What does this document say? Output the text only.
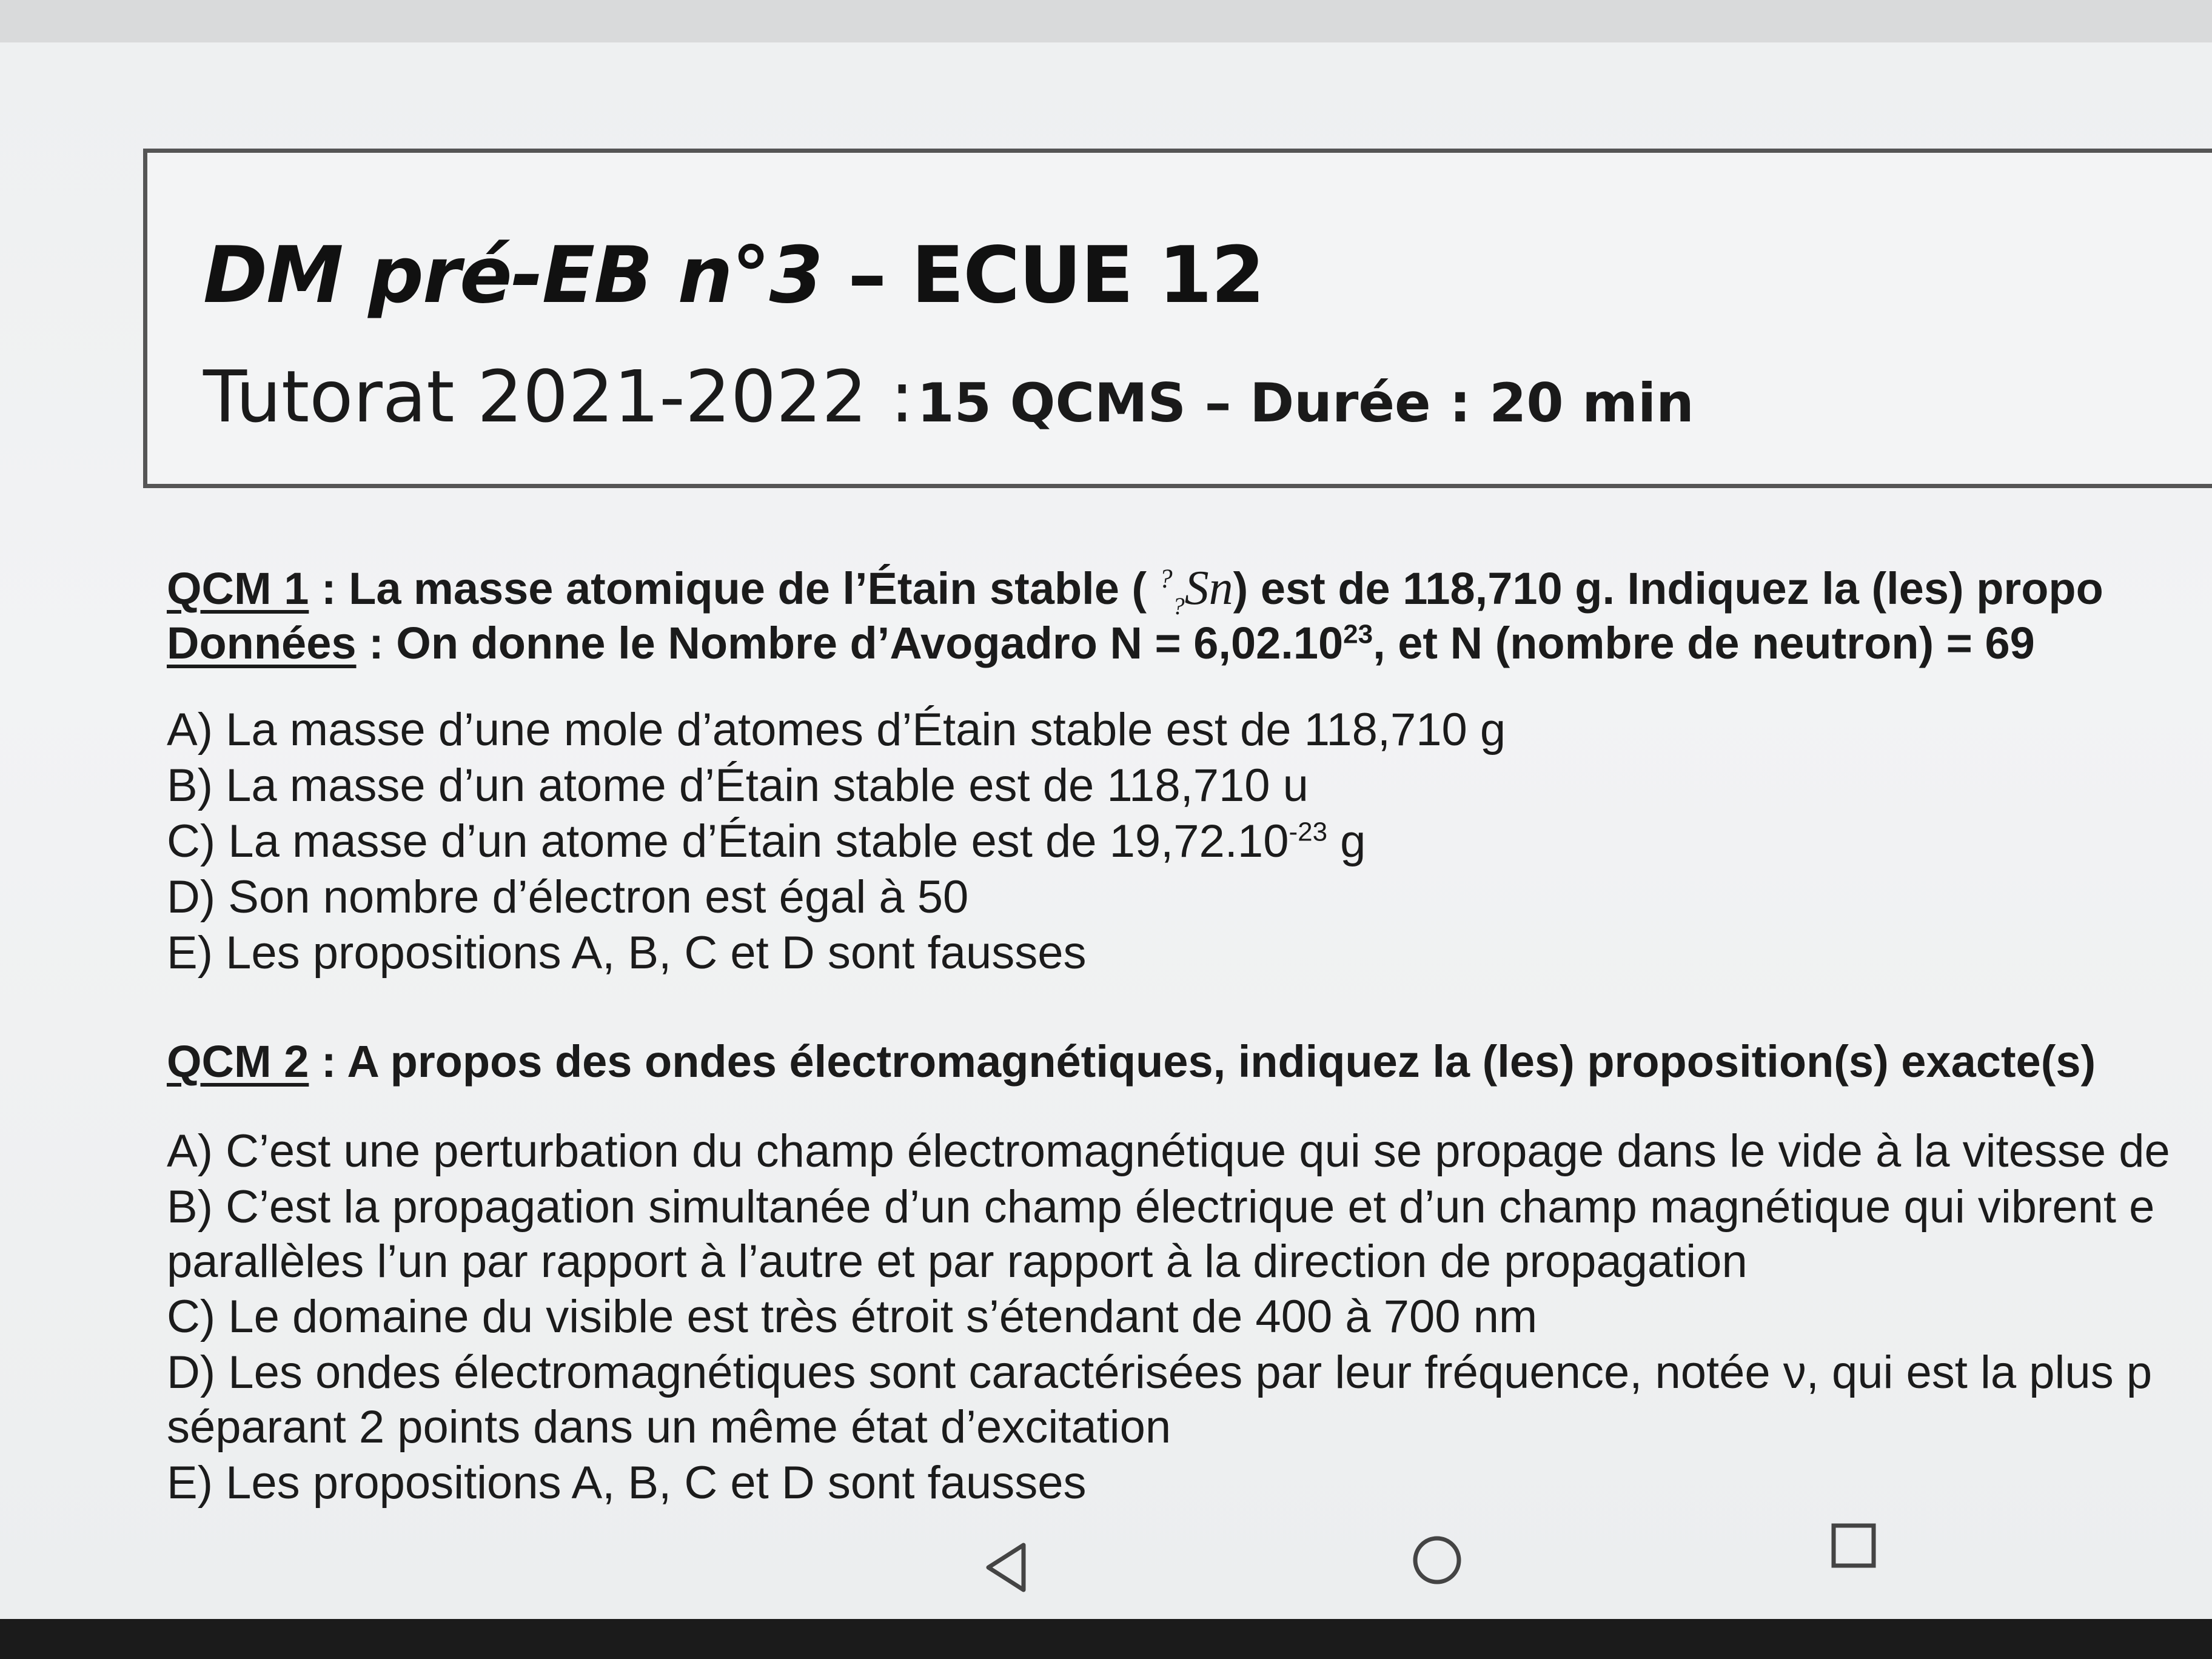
DM pré-EB n°3 – ECUE 12
Tutorat 2021-2022 : 15 QCMS – Durée : 20 min
QCM 1 : La masse atomique de l’Étain stable ( ?$_?$Sn) est de 118,710 g. Indiquez la (les) propo
Données : On donne le Nombre d’Avogadro $N = 6,02.10^{23}$, et N (nombre de neutron) = 69
A) La masse d’une mole d’atomes d’Étain stable est de 118,710 g
B) La masse d’un atome d’Étain stable est de 118,710 u
C) La masse d’un atome d’Étain stable est de $19,72.10^{-23}$ g
D) Son nombre d’électron est égal à 50
E) Les propositions A, B, C et D sont fausses
QCM 2 : A propos des ondes électromagnétiques, indiquez la (les) proposition(s) exacte(s)
A) C’est une perturbation du champ électromagnétique qui se propage dans le vide à la vitesse de
B) C’est la propagation simultanée d’un champ électrique et d’un champ magnétique qui vibrent e
parallèles l’un par rapport à l’autre et par rapport à la direction de propagation
C) Le domaine du visible est très étroit s’étendant de 400 à 700 nm
D) Les ondes électromagnétiques sont caractérisées par leur fréquence, notée ν, qui est la plus p
séparant 2 points dans un même état d’excitation
E) Les propositions A, B, C et D sont fausses
